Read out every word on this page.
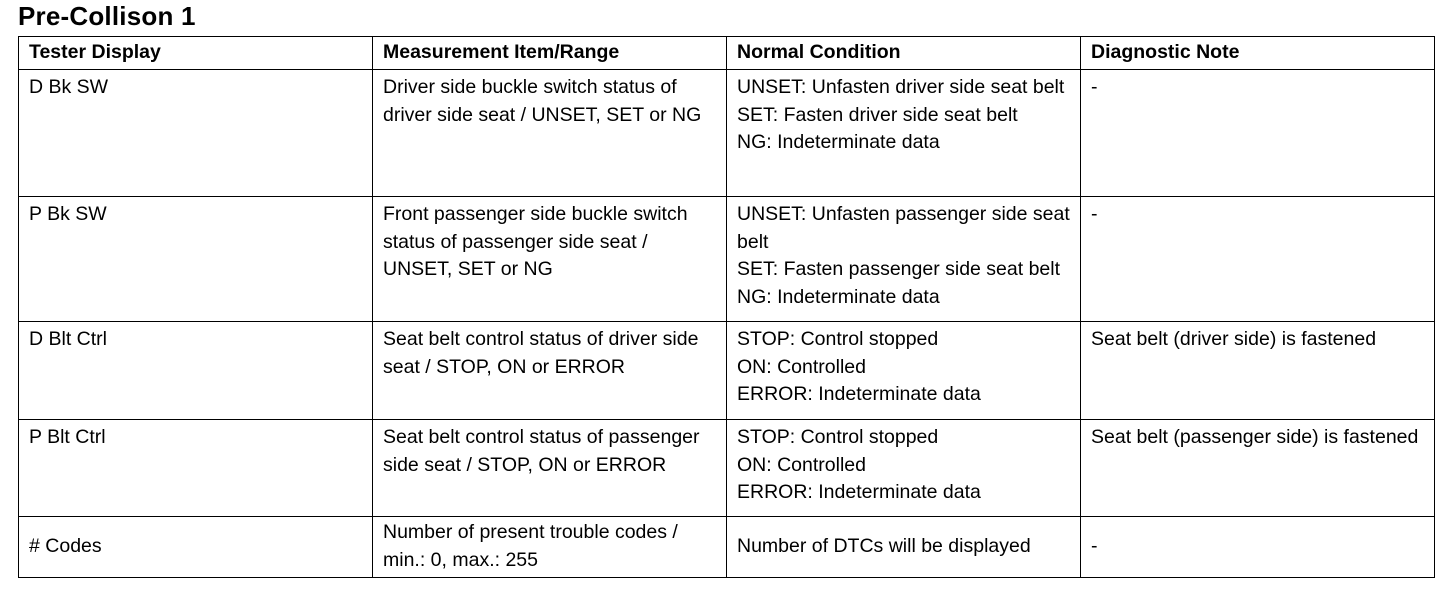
Pre-Collison 1
Tester Display	Measurement Item/Range	Normal Condition	Diagnostic Note
D Bk SW	Driver side buckle switch status of driver side seat / UNSET, SET or NG	UNSET: Unfasten driver side seat belt
SET: Fasten driver side seat belt
NG: Indeterminate data	-
P Bk SW	Front passenger side buckle switch status of passenger side seat / UNSET, SET or NG	UNSET: Unfasten passenger side seat belt
SET: Fasten passenger side seat belt
NG: Indeterminate data	-
D Blt Ctrl	Seat belt control status of driver side seat / STOP, ON or ERROR	STOP: Control stopped
ON: Controlled
ERROR: Indeterminate data	Seat belt (driver side) is fastened
P Blt Ctrl	Seat belt control status of passenger side seat / STOP, ON or ERROR	STOP: Control stopped
ON: Controlled
ERROR: Indeterminate data	Seat belt (passenger side) is fastened
# Codes	Number of present trouble codes / min.: 0, max.: 255	Number of DTCs will be displayed	-
